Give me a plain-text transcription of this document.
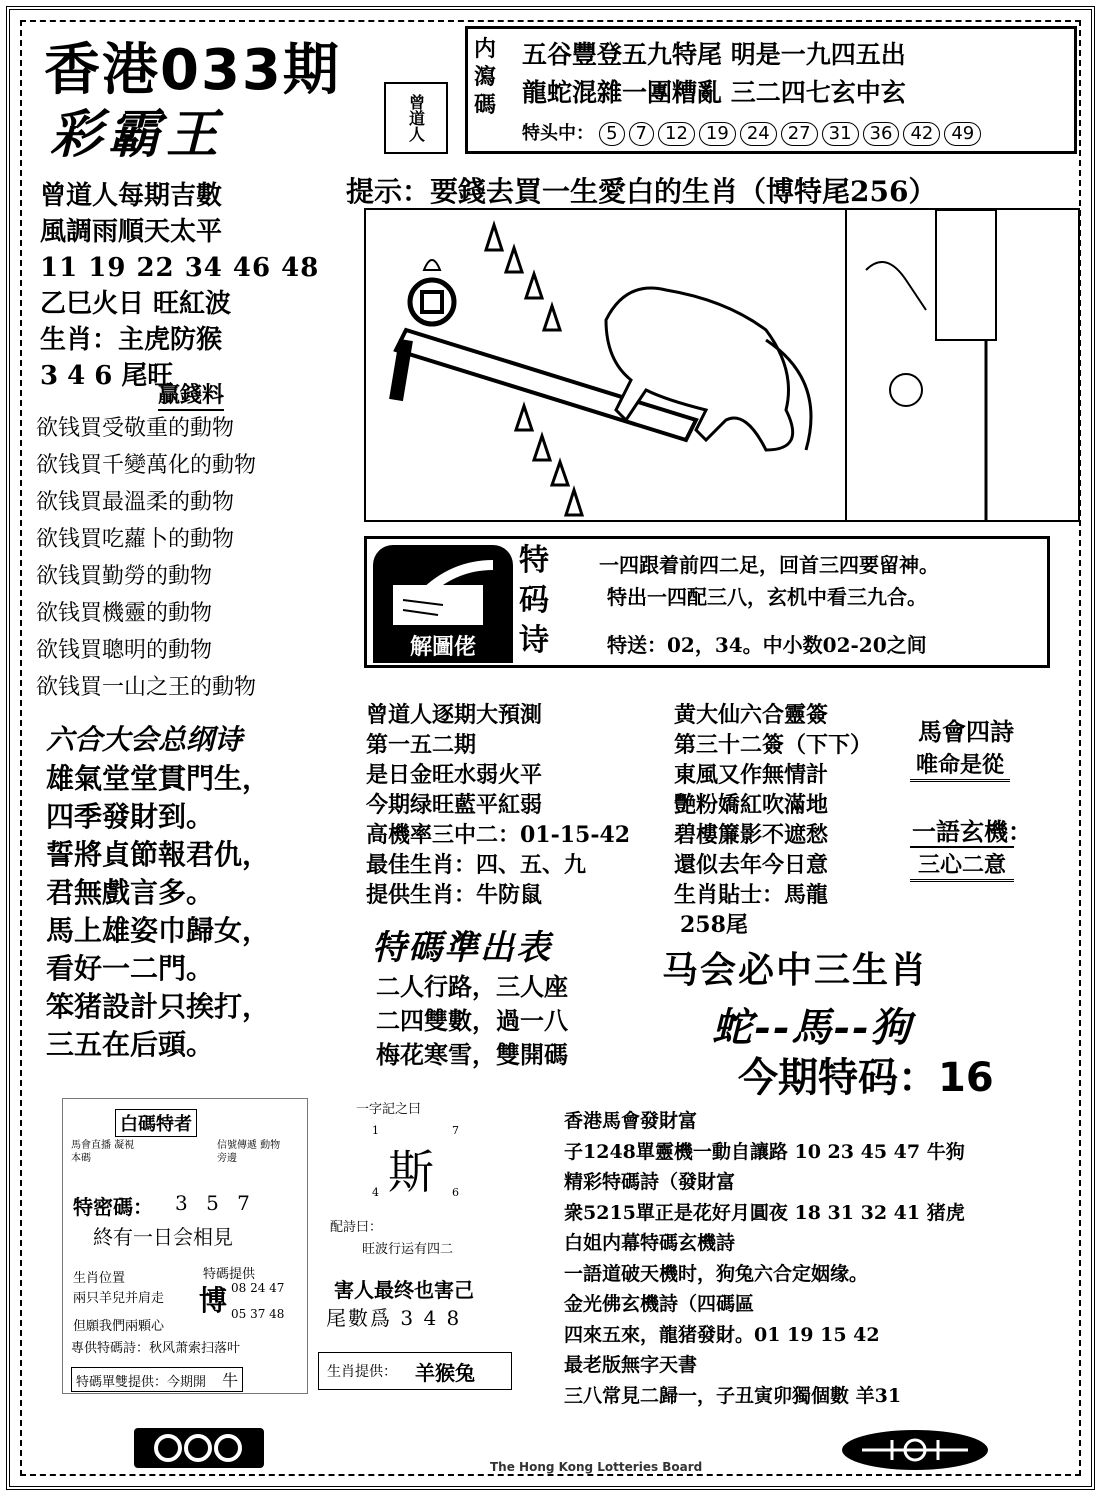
香港033期
彩霸王	曾道人
内瀉碼
五谷豐登五九特尾 明是一九四五出
龍蛇混雜一團糟亂 三二四七玄中玄
特头中： 5 7 12 19 24 27 31 36 42 49
提示：要錢去買一生愛白的生肖（博特尾256）

曾道人每期吉數

風調雨順天太平

11 19 22 34 46 48

乙巳火日 旺紅波

生肖：主虎防猴

3 4 6 尾旺

贏錢料

欲钱買受敬重的動物

欲钱買千變萬化的動物

欲钱買最溫柔的動物

欲钱買吃蘿卜的動物

欲钱買勤勞的動物

欲钱買機靈的動物

欲钱買聰明的動物

欲钱買一山之王的動物

六合大会总纲诗

雄氣堂堂貫門生，

四季發財到。

誓將貞節報君仇，

君無戲言多。

馬上雄姿巾歸女，

看好一二門。

笨猪設計只挨打，

三五在后頭。

解圖佬
特码诗
一四跟着前四二足，回首三四要留神。
特出一四配三八，玄机中看三九合。
特送：02，34。中小数02-20之间

曾道人逐期大預測

第一五二期

是日金旺水弱火平

今期绿旺藍平紅弱

高機率三中二：01-15-42

最佳生肖：四、五、九

提供生肖：牛防鼠

黄大仙六合靈簽

第三十二簽（下下）

東風又作無情計

艷粉嬌紅吹滿地

碧樓簾影不遮愁

還似去年今日意

生肖貼士：馬龍

258尾

馬會四詩
唯命是從
一語玄機：
三心二意
特碼準出表

二人行路，三人座

二四雙數，過一八

梅花寒雪，雙開碼

马会必中三生肖
蛇--馬--狗
今期特码：16
白碼特者
馬會直播 凝視本碼
信號傳遞 動物旁邊
特密碼： 3 5 7
終有一日会相見
生肖位置
兩只羊兒并肩走
但願我們兩顆心
特碼提供
博 08 24 47
05 37 48
專供特碼詩：秋风萧索扫落叶
特碼單雙提供：今期開 牛
一字記之曰
1	7
斯
4	6
配詩曰：
旺波行运有四二
害人最终也害己
尾數爲 3 4 8
生肖提供： 羊猴兔

香港馬會發財富

子1248單靈機一動自讓路 10 23 45 47 牛狗

精彩特碼詩（發財富

衆5215單正是花好月圓夜 18 31 32 41 猪虎

白姐内幕特碼玄機詩

一語道破天機时，狗兔六合定姻缘。

金光佛玄機詩（四碼區

四來五來，龍猪發財。01 19 15 42

最老版無字天書

三八常見二歸一，子丑寅卯獨個數 羊31

The Hong Kong Lotteries Board
